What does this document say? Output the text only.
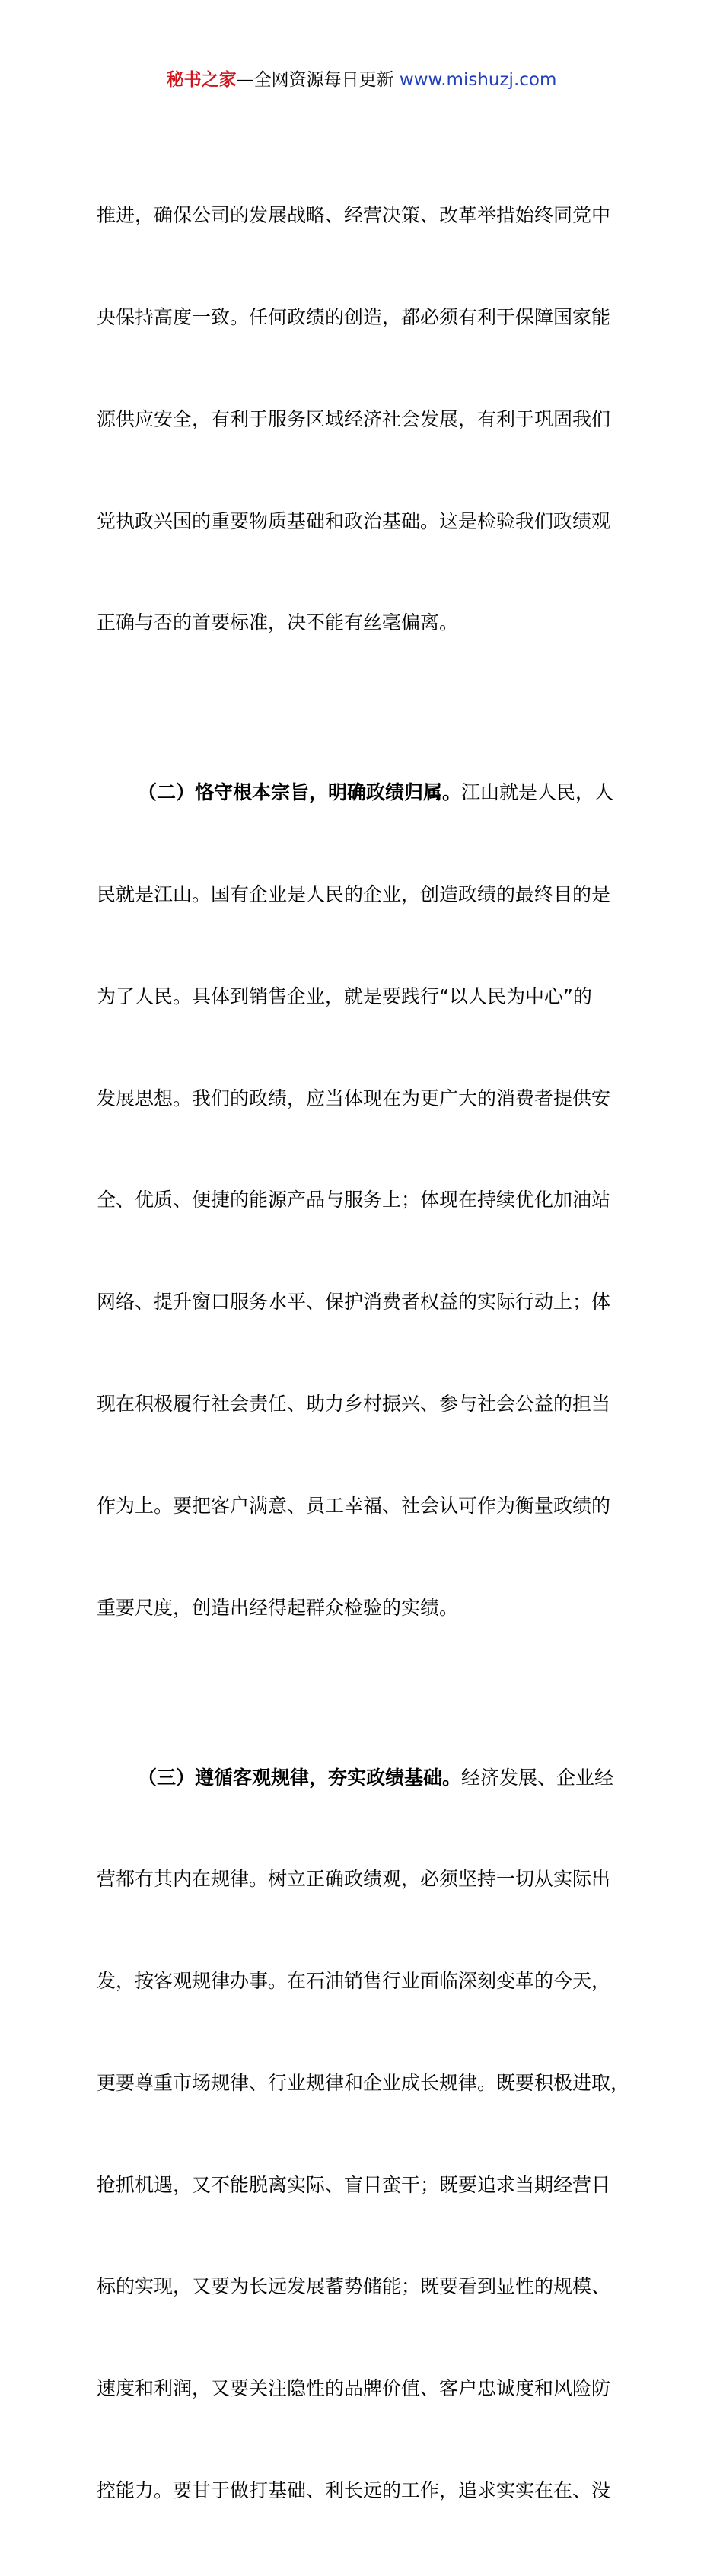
秘书之家—全网资源每日更新 www.mishuzj.com

推进，确保公司的发展战略、经营决策、改革举措始终同党中

央保持高度一致。任何政绩的创造，都必须有利于保障国家能

源供应安全，有利于服务区域经济社会发展，有利于巩固我们

党执政兴国的重要物质基础和政治基础。这是检验我们政绩观

正确与否的首要标准，决不能有丝毫偏离。

（二）恪守根本宗旨，明确政绩归属。江山就是人民，人

民就是江山。国有企业是人民的企业，创造政绩的最终目的是

为了人民。具体到销售企业，就是要践行“以人民为中心”的

发展思想。我们的政绩，应当体现在为更广大的消费者提供安

全、优质、便捷的能源产品与服务上；体现在持续优化加油站

网络、提升窗口服务水平、保护消费者权益的实际行动上；体

现在积极履行社会责任、助力乡村振兴、参与社会公益的担当

作为上。要把客户满意、员工幸福、社会认可作为衡量政绩的

重要尺度，创造出经得起群众检验的实绩。

（三）遵循客观规律，夯实政绩基础。经济发展、企业经

营都有其内在规律。树立正确政绩观，必须坚持一切从实际出

发，按客观规律办事。在石油销售行业面临深刻变革的今天，

更要尊重市场规律、行业规律和企业成长规律。既要积极进取，

抢抓机遇，又不能脱离实际、盲目蛮干；既要追求当期经营目

标的实现，又要为长远发展蓄势储能；既要看到显性的规模、

速度和利润，又要关注隐性的品牌价值、客户忠诚度和风险防

控能力。要甘于做打基础、利长远的工作，追求实实在在、没
